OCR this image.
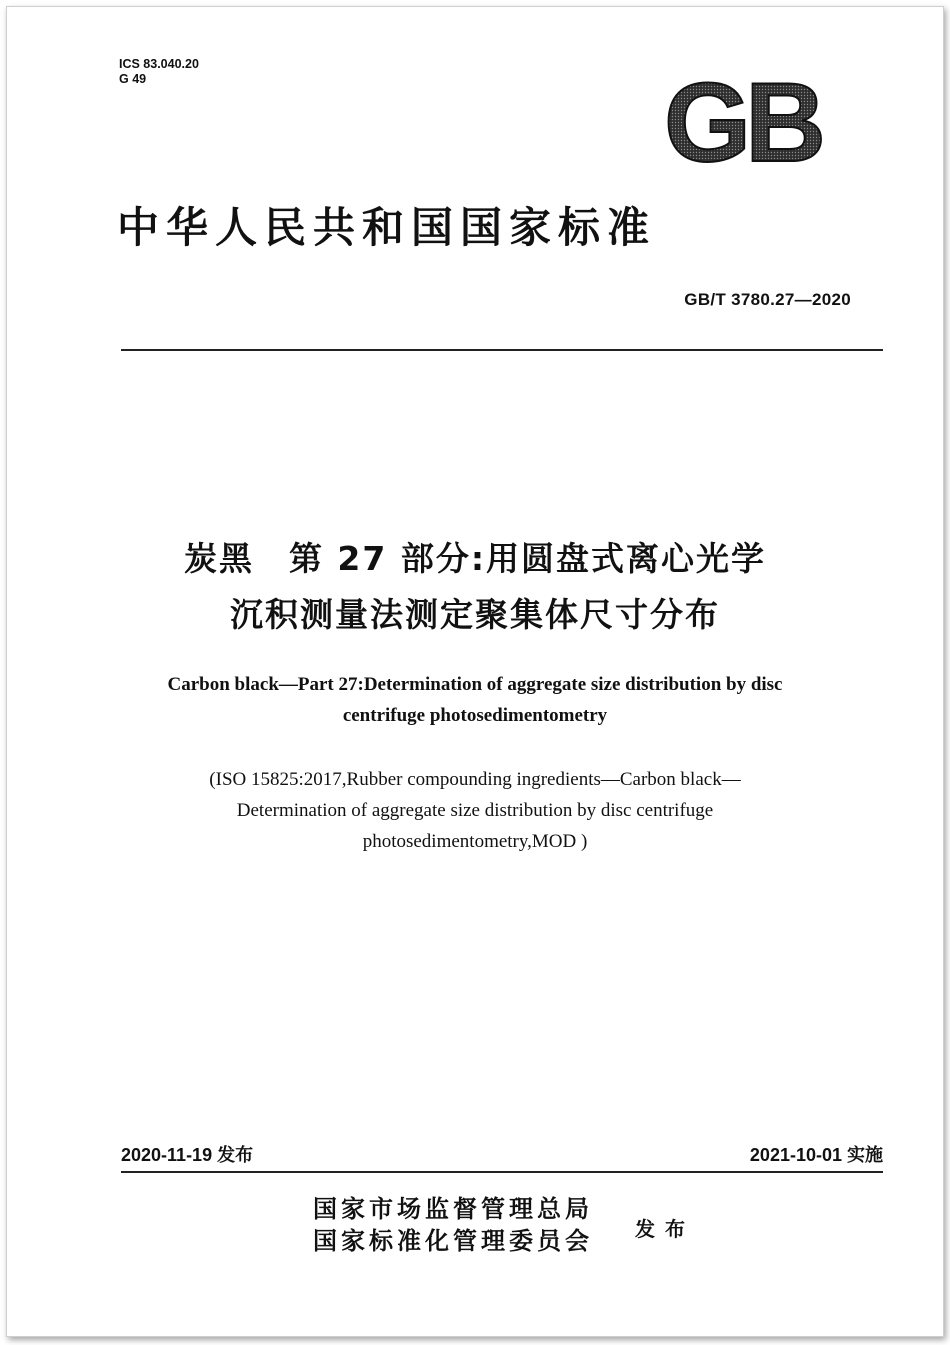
ICS 83.040.20
G 49	GB
中华人民共和国国家标准
GB/T 3780.27—2020
炭黑　第 27 部分:用圆盘式离心光学
沉积测量法测定聚集体尺寸分布
Carbon black—Part 27:Determination of aggregate size distribution by disc
centrifuge photosedimentometry
(ISO 15825:2017,Rubber compounding ingredients—Carbon black—
Determination of aggregate size distribution by disc centrifuge
photosedimentometry,MOD )
2020-11-19 发布	2021-10-01 实施
国家市场监督管理总局
国家标准化管理委员会 发布
